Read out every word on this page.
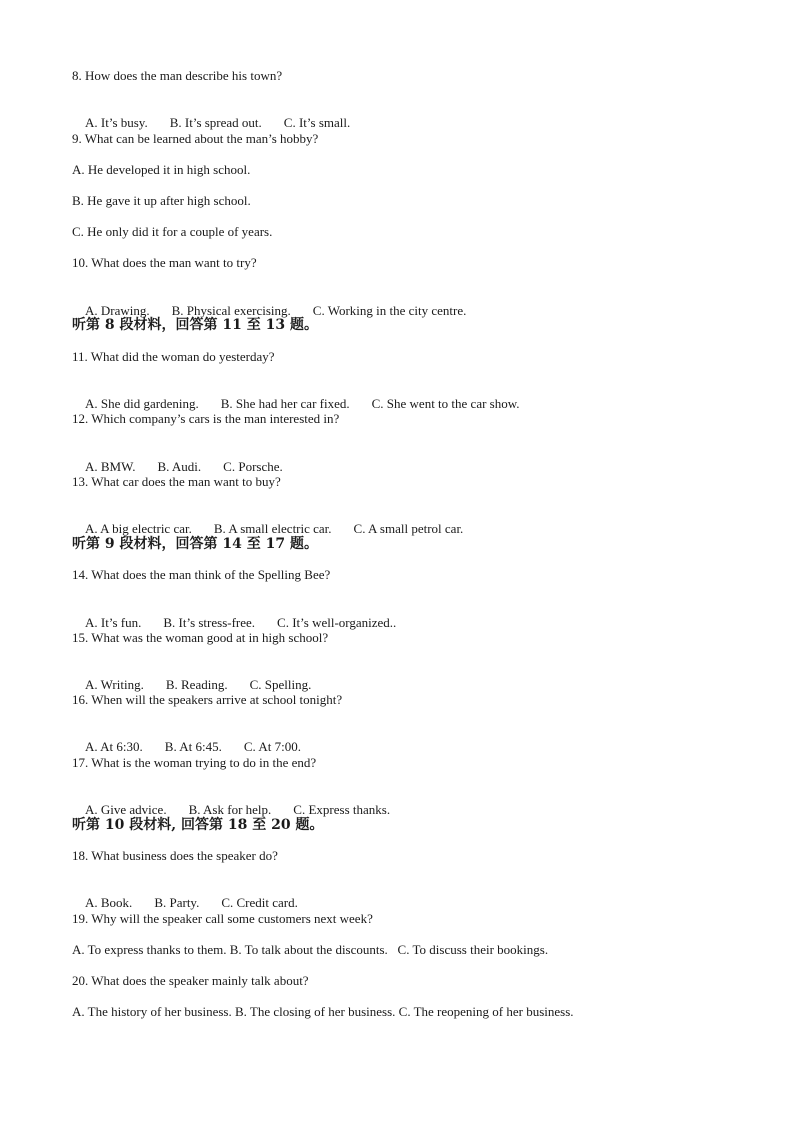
8. How does the man describe his town?

A. It’s busy. B. It’s spread out. C. It’s small.

9. What can be learned about the man’s hobby?
A. He developed it in high school.
B. He gave it up after high school.
C. He only did it for a couple of years.
10. What does the man want to try?

A. Drawing. B. Physical exercising. C. Working in the city centre.

听第 8 段材料，回答第 11 至 13 题。
11. What did the woman do yesterday?

A. She did gardening. B. She had her car fixed. C. She went to the car show.

12. Which company’s cars is the man interested in?

A. BMW. B. Audi. C. Porsche.

13. What car does the man want to buy?

A. A big electric car. B. A small electric car. C. A small petrol car.

听第 9 段材料，回答第 14 至 17 题。
14. What does the man think of the Spelling Bee?

A. It’s fun. B. It’s stress-free. C. It’s well-organized..

15. What was the woman good at in high school?

A. Writing. B. Reading. C. Spelling.

16. When will the speakers arrive at school tonight?

A. At 6:30. B. At 6:45. C. At 7:00.

17. What is the woman trying to do in the end?

A. Give advice. B. Ask for help. C. Express thanks.

听第 10 段材料, 回答第 18 至 20 题。
18. What business does the speaker do?

A. Book. B. Party. C. Credit card.

19. Why will the speaker call some customers next week?
A. To express thanks to them. B. To talk about the discounts.   C. To discuss their bookings.
20. What does the speaker mainly talk about?
A. The history of her business. B. The closing of her business. C. The reopening of her business.
